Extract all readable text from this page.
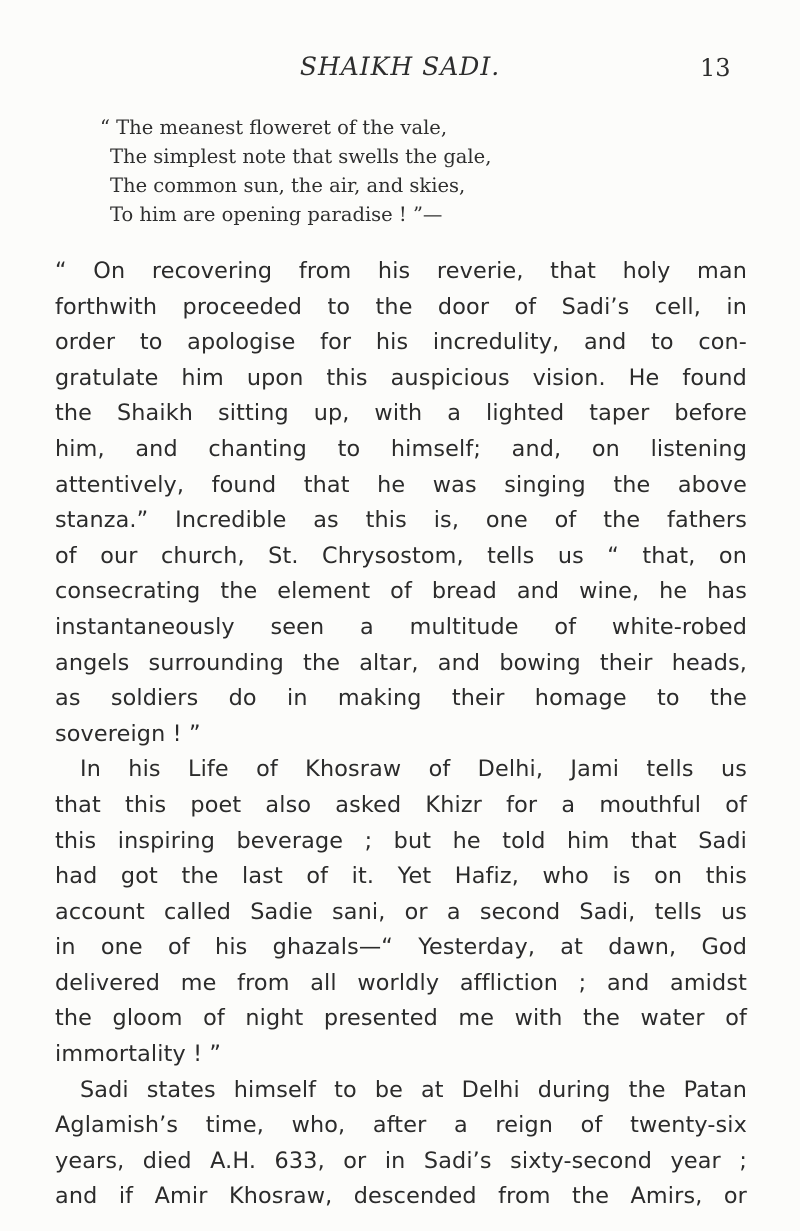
SHAIKH SADI.	13

“ The meanest floweret of the vale,

The simplest note that swells the gale,

The common sun, the air, and skies,

To him are opening paradise ! ”—

“ On recovering from his reverie, that holy man

forthwith proceeded to the door of Sadi’s cell, in

order to apologise for his incredulity, and to con-

gratulate him upon this auspicious vision. He found

the Shaikh sitting up, with a lighted taper before

him, and chanting to himself; and, on listening

attentively, found that he was singing the above

stanza.” Incredible as this is, one of the fathers

of our church, St. Chrysostom, tells us “ that, on

consecrating the element of bread and wine, he has

instantaneously seen a multitude of white-robed

angels surrounding the altar, and bowing their heads,

as soldiers do in making their homage to the

sovereign ! ”

In his Life of Khosraw of Delhi, Jami tells us

that this poet also asked Khizr for a mouthful of

this inspiring beverage ; but he told him that Sadi

had got the last of it. Yet Hafiz, who is on this

account called Sadie sani, or a second Sadi, tells us

in one of his ghazals—“ Yesterday, at dawn, God

delivered me from all worldly affliction ; and amidst

the gloom of night presented me with the water of

immortality ! ”

Sadi states himself to be at Delhi during the Patan

Aglamish’s time, who, after a reign of twenty-six

years, died A.H. 633, or in Sadi’s sixty-second year ;

and if Amir Khosraw, descended from the Amirs, or
